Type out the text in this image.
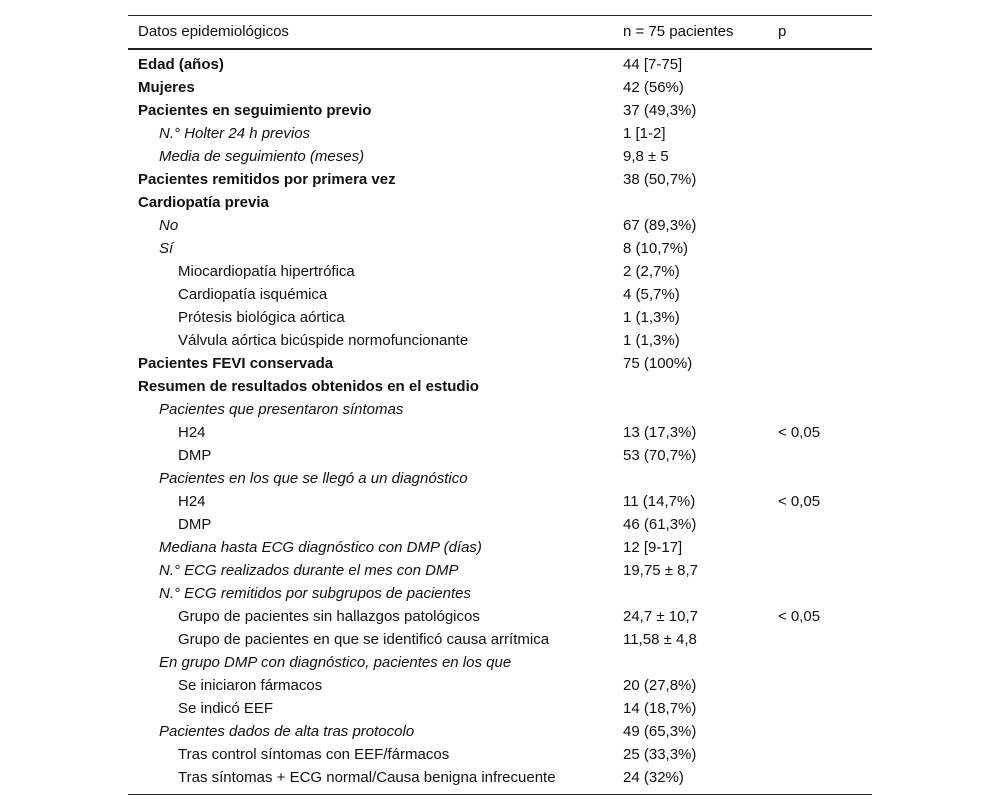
Datos epidemiológicos	n = 75 pacientes	p
Edad (años)	44 [7-75]
Mujeres	42 (56%)
Pacientes en seguimiento previo	37 (49,3%)
N.° Holter 24 h previos	1 [1-2]
Media de seguimiento (meses)	9,8 ± 5
Pacientes remitidos por primera vez	38 (50,7%)
Cardiopatía previa
No	67 (89,3%)
Sí	8 (10,7%)
Miocardiopatía hipertrófica	2 (2,7%)
Cardiopatía isquémica	4 (5,7%)
Prótesis biológica aórtica	1 (1,3%)
Válvula aórtica bicúspide normofuncionante	1 (1,3%)
Pacientes FEVI conservada	75 (100%)
Resumen de resultados obtenidos en el estudio
Pacientes que presentaron síntomas
H24	13 (17,3%)	< 0,05
DMP	53 (70,7%)
Pacientes en los que se llegó a un diagnóstico
H24	11 (14,7%)	< 0,05
DMP	46 (61,3%)
Mediana hasta ECG diagnóstico con DMP (días)	12 [9-17]
N.° ECG realizados durante el mes con DMP	19,75 ± 8,7
N.° ECG remitidos por subgrupos de pacientes
Grupo de pacientes sin hallazgos patológicos	24,7 ± 10,7	< 0,05
Grupo de pacientes en que se identificó causa arrítmica	11,58 ± 4,8
En grupo DMP con diagnóstico, pacientes en los que
Se iniciaron fármacos	20 (27,8%)
Se indicó EEF	14 (18,7%)
Pacientes dados de alta tras protocolo	49 (65,3%)
Tras control síntomas con EEF/fármacos	25 (33,3%)
Tras síntomas + ECG normal/Causa benigna infrecuente	24 (32%)
